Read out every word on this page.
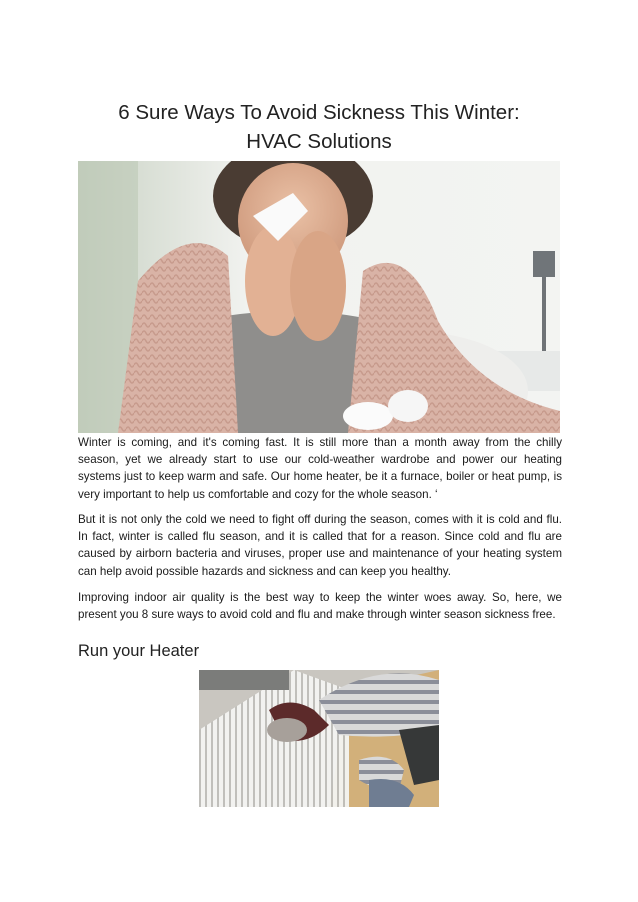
6 Sure Ways To Avoid Sickness This Winter:
HVAC Solutions

Winter is coming, and it's coming fast. It is still more than a month away from the chilly season, yet we already start to use our cold-weather wardrobe and power our heating systems just to keep warm and safe. Our home heater, be it a furnace, boiler or heat pump, is very important to help us comfortable and cozy for the whole season. ‘

But it is not only the cold we need to fight off during the season, comes with it is cold and flu. In fact, winter is called flu season, and it is called that for a reason. Since cold and flu are caused by airborn bacteria and viruses, proper use and maintenance of your heating system can help avoid possible hazards and sickness and can keep you healthy.

Improving indoor air quality is the best way to keep the winter woes away. So, here, we present you 8 sure ways to avoid cold and flu and make through winter season sickness free.

Run your Heater
